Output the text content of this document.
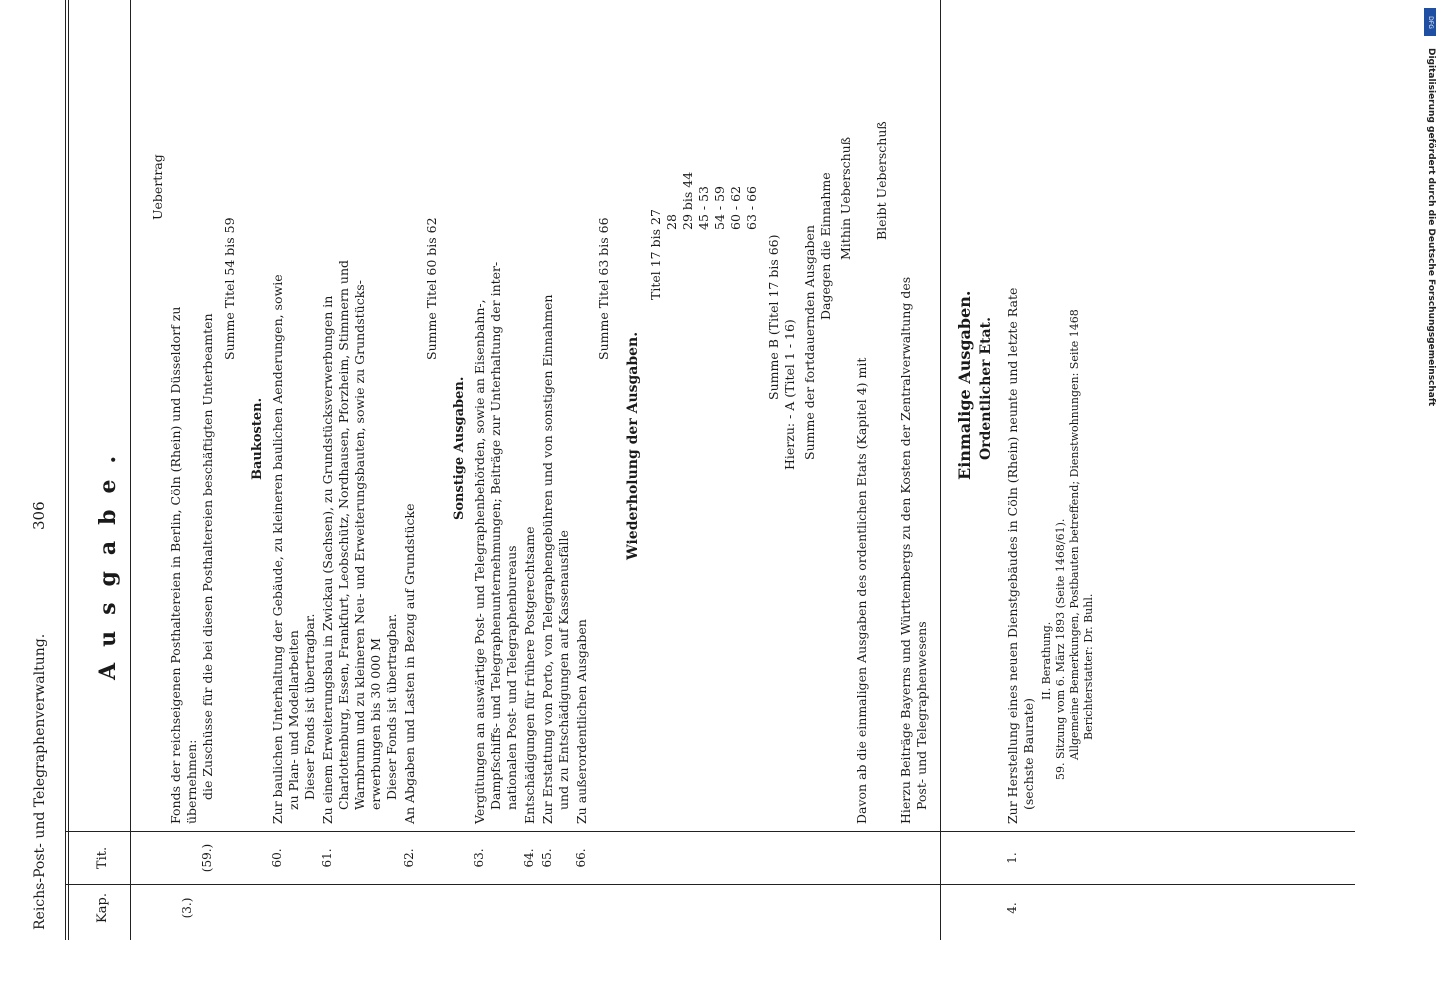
Reichs-Post- und Telegraphenverwaltung.
306
Kap.
Tit.
Ausgabe.
(3.)
(59.)
Uebertrag
Fonds der reichseigenen Posthaltereien in Berlin, Cöln (Rhein) und Düsseldorf zu übernehmen: die Zuschüsse für die bei diesen Posthaltereien beschäftigten Unterbeamten
Summe Titel 54 bis 59
Baukosten.
60.
Zur baulichen Unterhaltung der Gebäude, zu kleineren baulichen Aenderungen, sowie zu Plan- und Modellarbeiten Dieser Fonds ist übertragbar.
61.
Zu einem Erweiterungsbau in Zwickau (Sachsen), zu Grundstücksverwerbungen in Charlottenburg, Essen, Frankfurt, Leobschütz, Nordhausen, Pforzheim, Stimmern und Warnbrunn und zu kleineren Neu- und Erweiterungsbauten, sowie zu Grundstücks- erwerbungen bis 30 000 M Dieser Fonds ist übertragbar.
62.
An Abgaben und Lasten in Bezug auf Grundstücke
Summe Titel 60 bis 62
Sonstige Ausgaben.
63.
Vergütungen an auswärtige Post- und Telegraphenbehörden, sowie an Eisenbahn-, Dampfschiffs- und Telegraphenunternehmungen; Beiträge zur Unterhaltung der inter- nationalen Post- und Telegraphenbureaus
64.
Entschädigungen für frühere Postgerechtsame
65.
Zur Erstattung von Porto, von Telegraphengebühren und von sonstigen Einnahmen und zu Entschädigungen auf Kassenausfälle
66.
Zu außerordentlichen Ausgaben
Summe Titel 63 bis 66
Wiederholung der Ausgaben.
Titel 17 bis 27 28 29 bis 44 45 - 53 54 - 59 60 - 62 63 - 66
Summe B (Titel 17 bis 66) Hierzu: - A (Titel 1 - 16) Summe der fortdauernden Ausgaben Dagegen die Einnahme Mithin Ueberschuß
Davon ab die einmaligen Ausgaben des ordentlichen Etats (Kapitel 4) mit
Bleibt Ueberschuß
Hierzu Beiträge Bayerns und Württembergs zu den Kosten der Zentralverwaltung des Post- und Telegraphenwesens
Einmalige Ausgaben. Ordentlicher Etat.
4.
1.
Zur Herstellung eines neuen Dienstgebäudes in Cöln (Rhein) neunte und letzte Rate (sechste Baurate)
II. Berathung. 59. Sitzung vom 6. März 1893 (Seite 1468/61). Allgemeine Bemerkungen, Postbauten betreffend; Dienstwohnungen: Seite 1468 Berichterstatter: Dr. Buhl.
DFG
Digitalisierung gefördert durch die Deutsche Forschungsgemeinschaft
